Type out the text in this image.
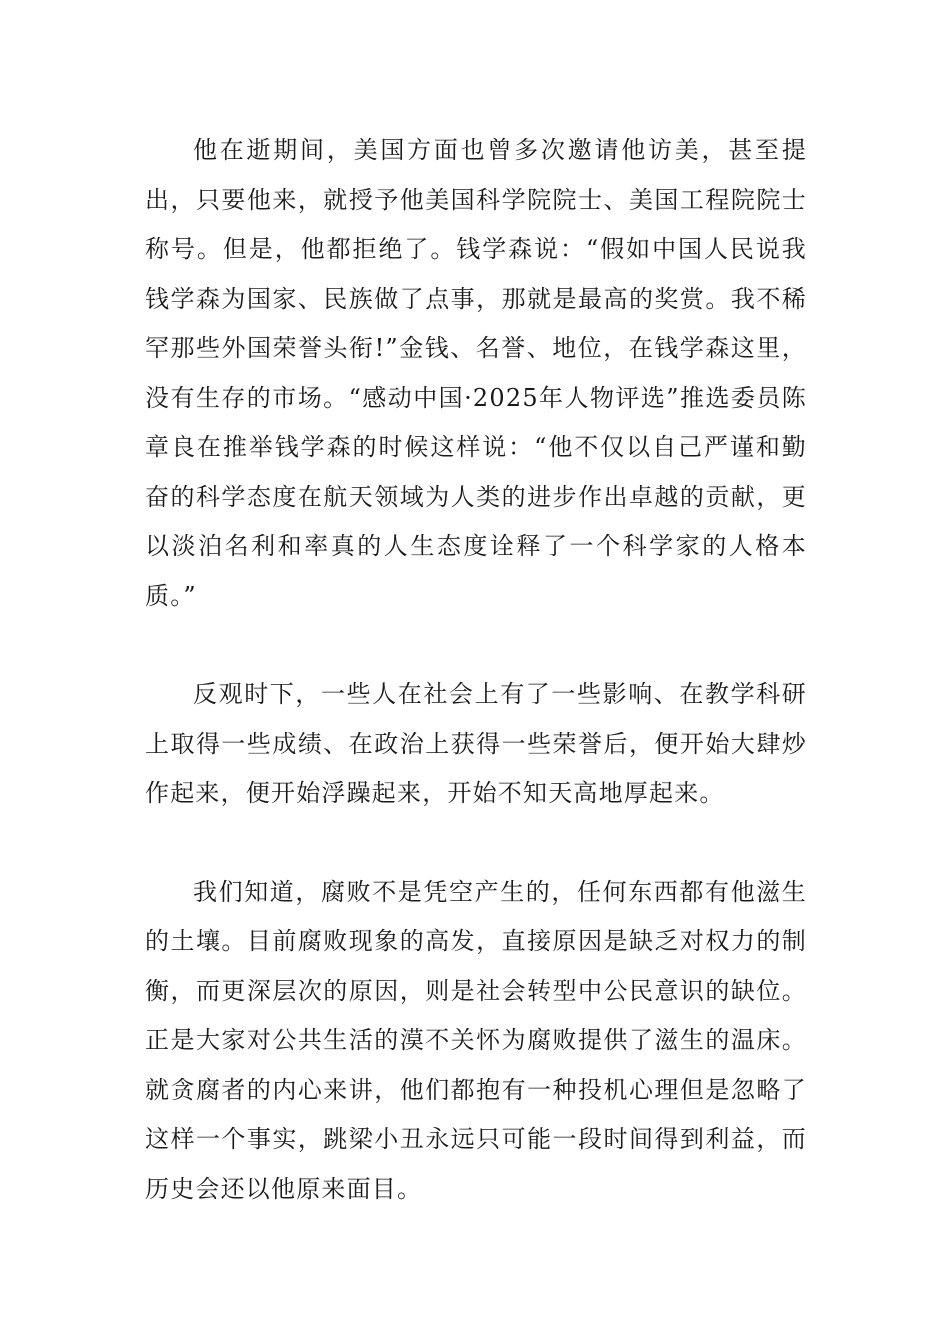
他在逝期间，美国方面也曾多次邀请他访美，甚至提出，只要他来，就授予他美国科学院院士、美国工程院院士称号。但是，他都拒绝了。钱学森说：“假如中国人民说我钱学森为国家、民族做了点事，那就是最高的奖赏。我不稀罕那些外国荣誉头衔!”金钱、名誉、地位，在钱学森这里，没有生存的市场。“感动中国·2025年人物评选”推选委员陈章良在推举钱学森的时候这样说：“他不仅以自己严谨和勤奋的科学态度在航天领域为人类的进步作出卓越的贡献，更以淡泊名利和率真的人生态度诠释了一个科学家的人格本质。”

反观时下，一些人在社会上有了一些影响、在教学科研上取得一些成绩、在政治上获得一些荣誉后，便开始大肆炒作起来，便开始浮躁起来，开始不知天高地厚起来。

我们知道，腐败不是凭空产生的，任何东西都有他滋生的土壤。目前腐败现象的高发，直接原因是缺乏对权力的制衡，而更深层次的原因，则是社会转型中公民意识的缺位。正是大家对公共生活的漠不关怀为腐败提供了滋生的温床。就贪腐者的内心来讲，他们都抱有一种投机心理但是忽略了这样一个事实，跳梁小丑永远只可能一段时间得到利益，而历史会还以他原来面目。
